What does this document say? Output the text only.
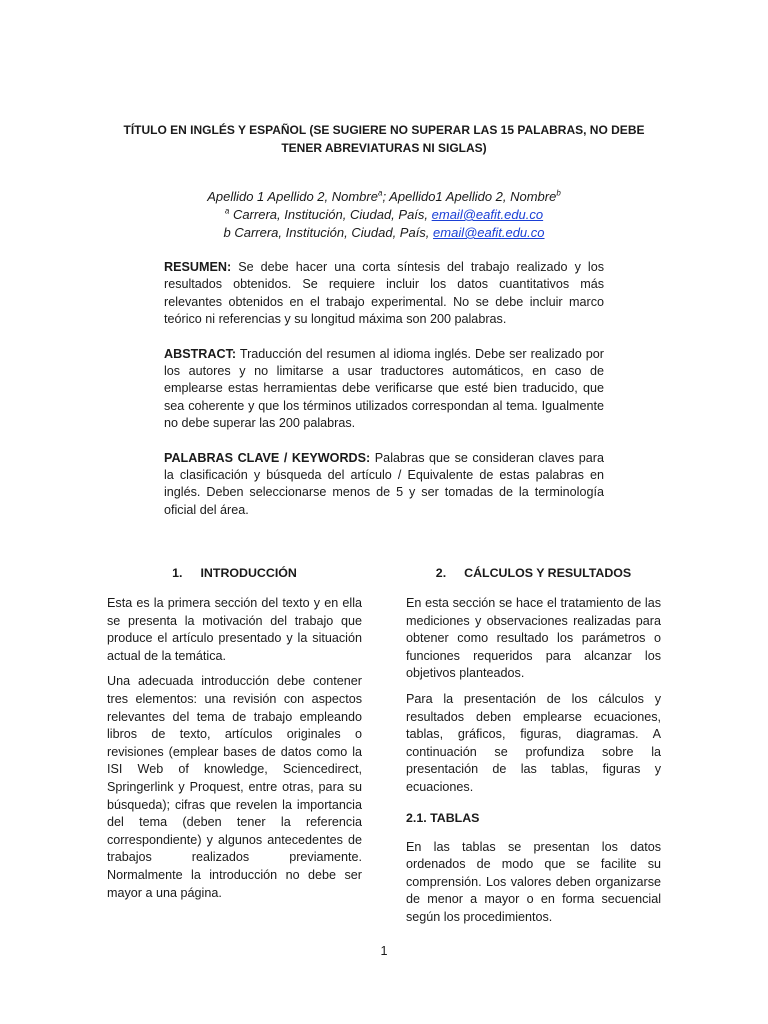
TÍTULO EN INGLÉS Y ESPAÑOL (SE SUGIERE NO SUPERAR LAS 15 PALABRAS, NO DEBE TENER ABREVIATURAS NI SIGLAS)
Apellido 1 Apellido 2, Nombre$^a$; Apellido1 Apellido 2, Nombre$^b$
$^a$ Carrera, Institución, Ciudad, País, email@eafit.edu.co
b Carrera, Institución, Ciudad, País, email@eafit.edu.co

RESUMEN: Se debe hacer una corta síntesis del trabajo realizado y los resultados obtenidos. Se requiere incluir los datos cuantitativos más relevantes obtenidos en el trabajo experimental. No se debe incluir marco teórico ni referencias y su longitud máxima son 200 palabras.

ABSTRACT: Traducción del resumen al idioma inglés. Debe ser realizado por los autores y no limitarse a usar traductores automáticos, en caso de emplearse estas herramientas debe verificarse que esté bien traducido, que sea coherente y que los términos utilizados correspondan al tema. Igualmente no debe superar las 200 palabras.

PALABRAS CLAVE / KEYWORDS: Palabras que se consideran claves para la clasificación y búsqueda del artículo / Equivalente de estas palabras en inglés. Deben seleccionarse menos de 5 y ser tomadas de la terminología oficial del área.

1. INTRODUCCIÓN

Esta es la primera sección del texto y en ella se presenta la motivación del trabajo que produce el artículo presentado y la situación actual de la temática.

Una adecuada introducción debe contener tres elementos: una revisión con aspectos relevantes del tema de trabajo empleando libros de texto, artículos originales o revisiones (emplear bases de datos como la ISI Web of knowledge, Sciencedirect, Springerlink y Proquest, entre otras, para su búsqueda); cifras que revelen la importancia del tema (deben tener la referencia correspondiente) y algunos antecedentes de trabajos realizados previamente. Normalmente la introducción no debe ser mayor a una página.

2. CÁLCULOS Y RESULTADOS

En esta sección se hace el tratamiento de las mediciones y observaciones realizadas para obtener como resultado los parámetros o funciones requeridos para alcanzar los objetivos planteados.

Para la presentación de los cálculos y resultados deben emplearse ecuaciones, tablas, gráficos, figuras, diagramas. A continuación se profundiza sobre la presentación de las tablas, figuras y ecuaciones.

2.1. TABLAS

En las tablas se presentan los datos ordenados de modo que se facilite su comprensión. Los valores deben organizarse de menor a mayor o en forma secuencial según los procedimientos.

1
